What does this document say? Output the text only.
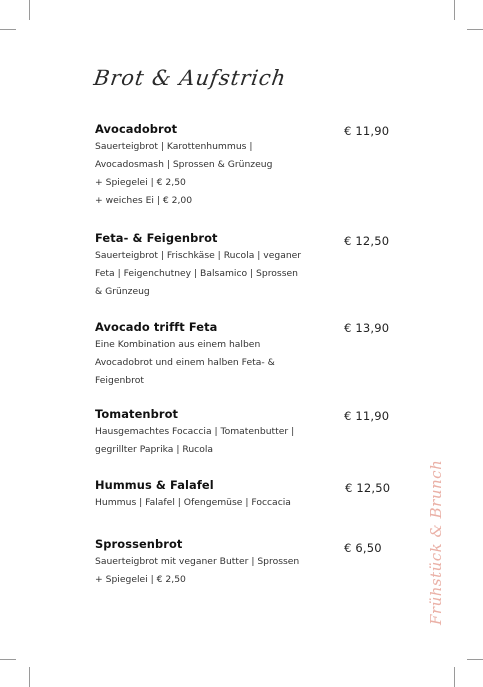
Brot & Aufstrich
Avocadobrot
Sauerteigbrot | Karottenhummus |
Avocadosmash | Sprossen & Grünzeug
+ Spiegelei | € 2,50
+ weiches Ei | € 2,00
€ 11,90
Feta- & Feigenbrot
Sauerteigbrot | Frischkäse | Rucola | veganer
Feta | Feigenchutney | Balsamico | Sprossen
& Grünzeug
€ 12,50
Avocado trifft Feta
Eine Kombination aus einem halben
Avocadobrot und einem halben Feta- &
Feigenbrot
€ 13,90
Tomatenbrot
Hausgemachtes Focaccia | Tomatenbutter |
gegrillter Paprika | Rucola
€ 11,90
Hummus & Falafel
Hummus | Falafel | Ofengemüse | Foccacia
€ 12,50
Sprossenbrot
Sauerteigbrot mit veganer Butter | Sprossen
+ Spiegelei | € 2,50
€ 6,50	Frühstück & Brunch
